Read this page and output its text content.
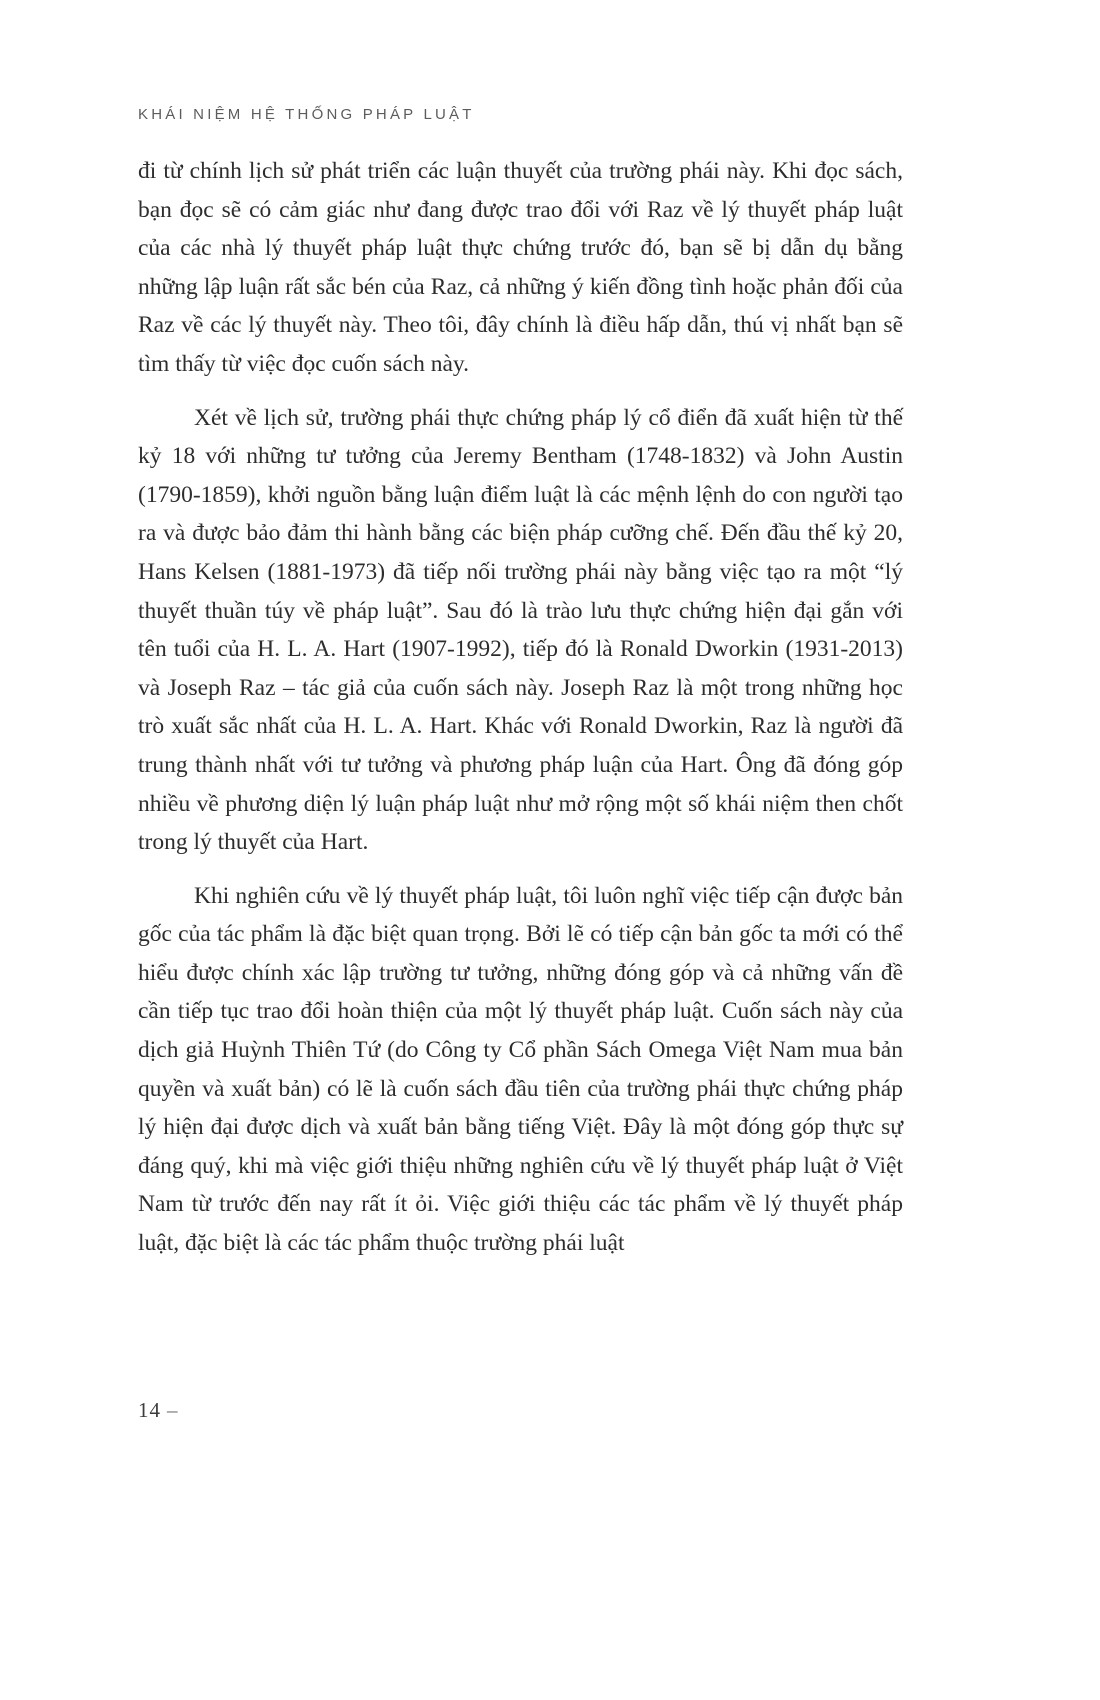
KHÁI NIỆM HỆ THỐNG PHÁP LUẬT

đi từ chính lịch sử phát triển các luận thuyết của trường phái này. Khi đọc sách, bạn đọc sẽ có cảm giác như đang được trao đổi với Raz về lý thuyết pháp luật của các nhà lý thuyết pháp luật thực chứng trước đó, bạn sẽ bị dẫn dụ bằng những lập luận rất sắc bén của Raz, cả những ý kiến đồng tình hoặc phản đối của Raz về các lý thuyết này. Theo tôi, đây chính là điều hấp dẫn, thú vị nhất bạn sẽ tìm thấy từ việc đọc cuốn sách này.

Xét về lịch sử, trường phái thực chứng pháp lý cổ điển đã xuất hiện từ thế kỷ 18 với những tư tưởng của Jeremy Bentham (1748-1832) và John Austin (1790-1859), khởi nguồn bằng luận điểm luật là các mệnh lệnh do con người tạo ra và được bảo đảm thi hành bằng các biện pháp cưỡng chế. Đến đầu thế kỷ 20, Hans Kelsen (1881-1973) đã tiếp nối trường phái này bằng việc tạo ra một “lý thuyết thuần túy về pháp luật”. Sau đó là trào lưu thực chứng hiện đại gắn với tên tuổi của H. L. A. Hart (1907-1992), tiếp đó là Ronald Dworkin (1931-2013) và Joseph Raz – tác giả của cuốn sách này. Joseph Raz là một trong những học trò xuất sắc nhất của H. L. A. Hart. Khác với Ronald Dworkin, Raz là người đã trung thành nhất với tư tưởng và phương pháp luận của Hart. Ông đã đóng góp nhiều về phương diện lý luận pháp luật như mở rộng một số khái niệm then chốt trong lý thuyết của Hart.

Khi nghiên cứu về lý thuyết pháp luật, tôi luôn nghĩ việc tiếp cận được bản gốc của tác phẩm là đặc biệt quan trọng. Bởi lẽ có tiếp cận bản gốc ta mới có thể hiểu được chính xác lập trường tư tưởng, những đóng góp và cả những vấn đề cần tiếp tục trao đổi hoàn thiện của một lý thuyết pháp luật. Cuốn sách này của dịch giả Huỳnh Thiên Tứ (do Công ty Cổ phần Sách Omega Việt Nam mua bản quyền và xuất bản) có lẽ là cuốn sách đầu tiên của trường phái thực chứng pháp lý hiện đại được dịch và xuất bản bằng tiếng Việt. Đây là một đóng góp thực sự đáng quý, khi mà việc giới thiệu những nghiên cứu về lý thuyết pháp luật ở Việt Nam từ trước đến nay rất ít ỏi. Việc giới thiệu các tác phẩm về lý thuyết pháp luật, đặc biệt là các tác phẩm thuộc trường phái luật

14 –
